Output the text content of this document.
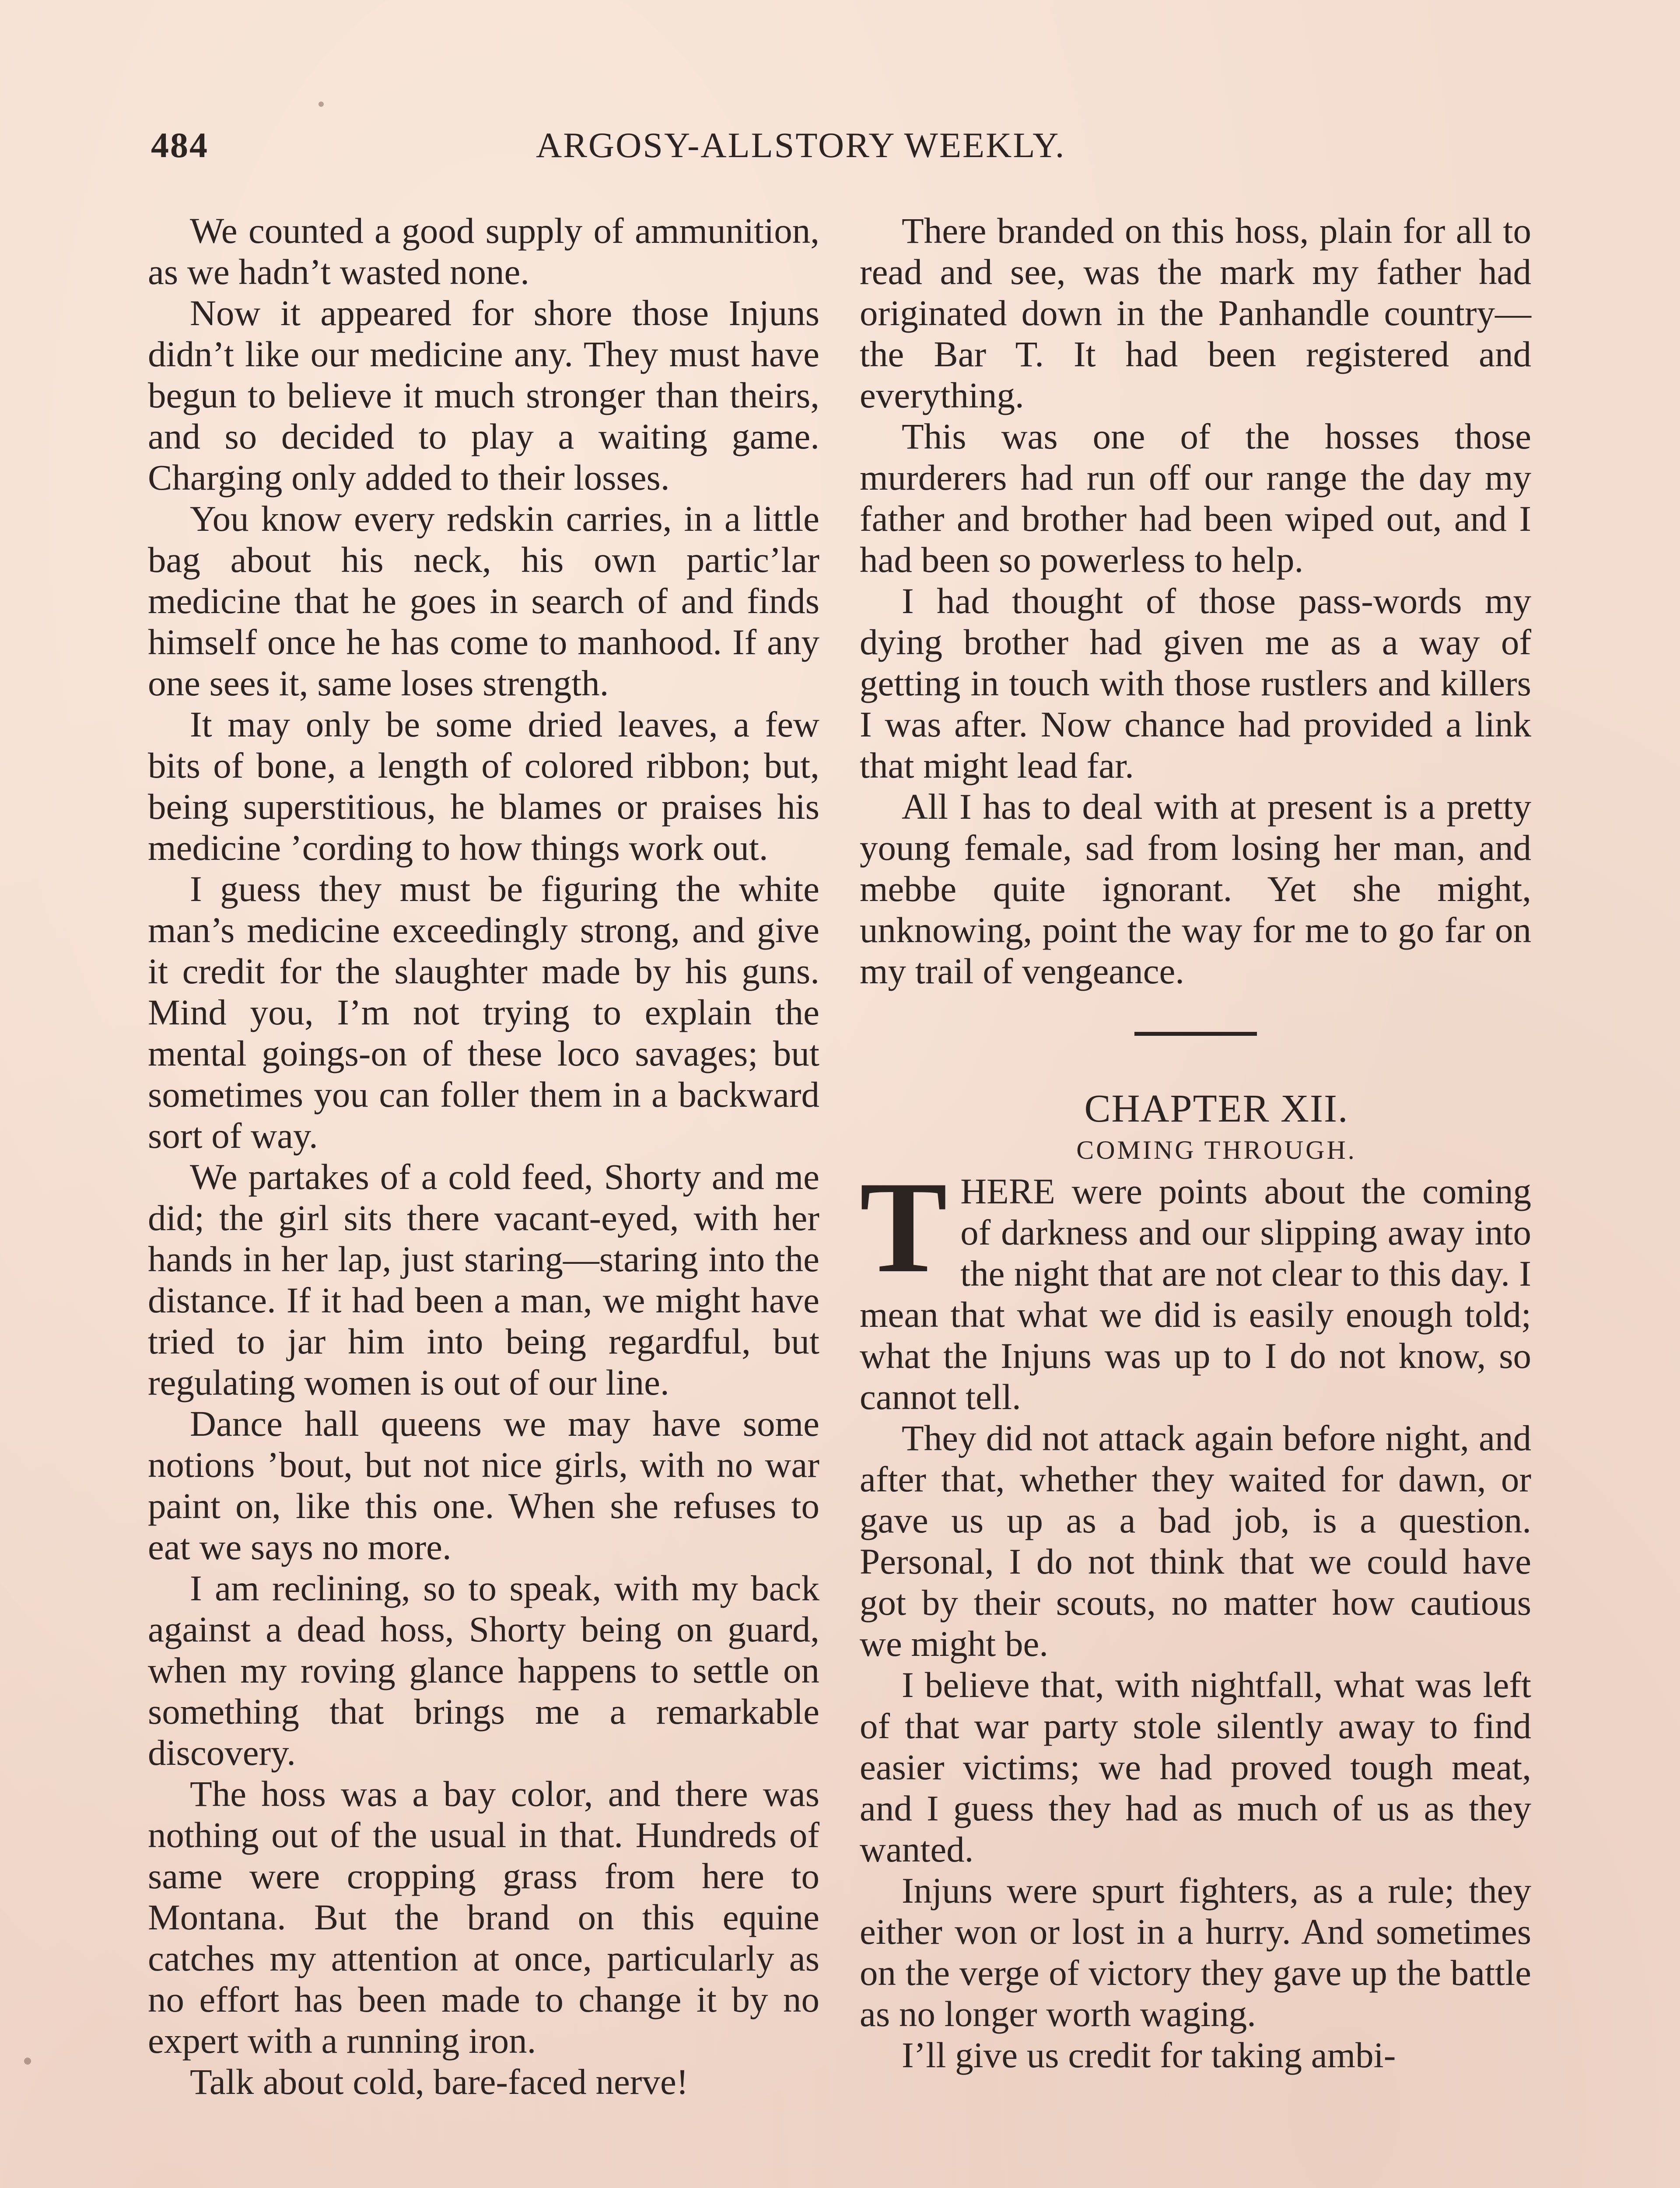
484	ARGOSY-ALLSTORY WEEKLY.

We counted a good supply of ammunition, as we hadn’t wasted none.

Now it appeared for shore those Injuns didn’t like our medicine any. They must have begun to believe it much stronger than theirs, and so decided to play a waiting game. Charging only added to their losses.

You know every redskin carries, in a little bag about his neck, his own partic’lar medicine that he goes in search of and finds himself once he has come to manhood. If any one sees it, same loses strength.

It may only be some dried leaves, a few bits of bone, a length of colored ribbon; but, being superstitious, he blames or praises his medicine ’cording to how things work out.

I guess they must be figuring the white man’s medicine exceedingly strong, and give it credit for the slaughter made by his guns. Mind you, I’m not trying to explain the mental goings-on of these loco savages; but sometimes you can foller them in a backward sort of way.

We partakes of a cold feed, Shorty and me did; the girl sits there vacant-eyed, with her hands in her lap, just staring—staring into the distance. If it had been a man, we might have tried to jar him into being regardful, but regulating women is out of our line.

Dance hall queens we may have some notions ’bout, but not nice girls, with no war paint on, like this one. When she refuses to eat we says no more.

I am reclining, so to speak, with my back against a dead hoss, Shorty being on guard, when my roving glance happens to settle on something that brings me a remarkable discovery.

The hoss was a bay color, and there was nothing out of the usual in that. Hundreds of same were cropping grass from here to Montana. But the brand on this equine catches my attention at once, particularly as no effort has been made to change it by no expert with a running iron.

Talk about cold, bare-faced nerve!

There branded on this hoss, plain for all to read and see, was the mark my father had originated down in the Panhandle country—the Bar T. It had been registered and everything.

This was one of the hosses those murderers had run off our range the day my father and brother had been wiped out, and I had been so powerless to help.

I had thought of those pass-words my dying brother had given me as a way of getting in touch with those rustlers and killers I was after. Now chance had provided a link that might lead far.

All I has to deal with at present is a pretty young female, sad from losing her man, and mebbe quite ignorant. Yet she might, unknowing, point the way for me to go far on my trail of vengeance.

CHAPTER XII.

COMING THROUGH.

THERE were points about the coming of darkness and our slipping away into the night that are not clear to this day. I mean that what we did is easily enough told; what the Injuns was up to I do not know, so cannot tell.

They did not attack again before night, and after that, whether they waited for dawn, or gave us up as a bad job, is a question. Personal, I do not think that we could have got by their scouts, no matter how cautious we might be.

I believe that, with nightfall, what was left of that war party stole silently away to find easier victims; we had proved tough meat, and I guess they had as much of us as they wanted.

Injuns were spurt fighters, as a rule; they either won or lost in a hurry. And sometimes on the verge of victory they gave up the battle as no longer worth waging.

I’ll give us credit for taking ambi-
